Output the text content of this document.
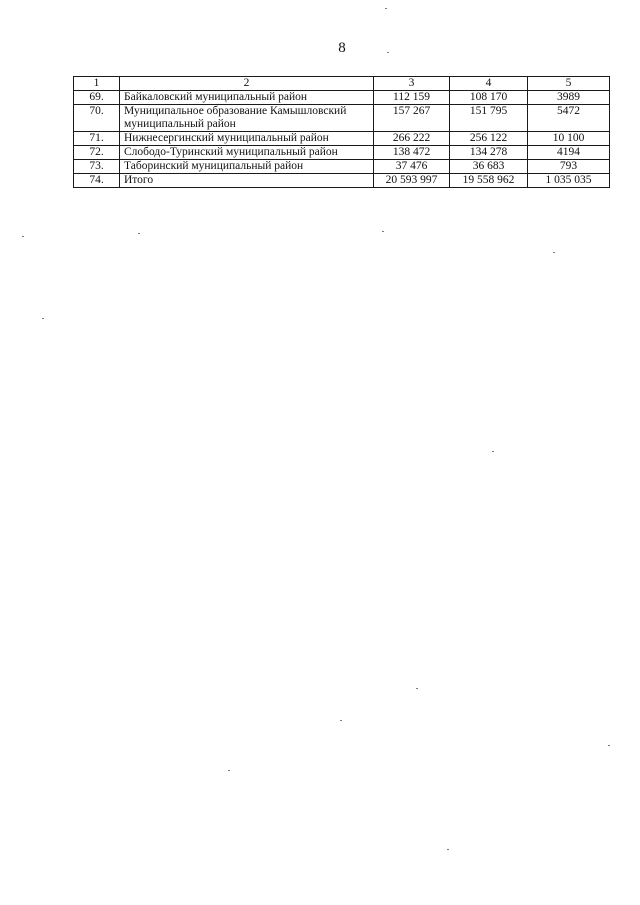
8
1	2	3	4	5
69.	Байкаловский муниципальный район	112 159	108 170	3989
70.	Муниципальное образование Камышловский муниципальный район	157 267	151 795	5472
71.	Нижнесергинский муниципальный район	266 222	256 122	10 100
72.	Слободо-Туринский муниципальный район	138 472	134 278	4194
73.	Таборинский муниципальный район	37 476	36 683	793
74.	Итого	20 593 997	19 558 962	1 035 035
